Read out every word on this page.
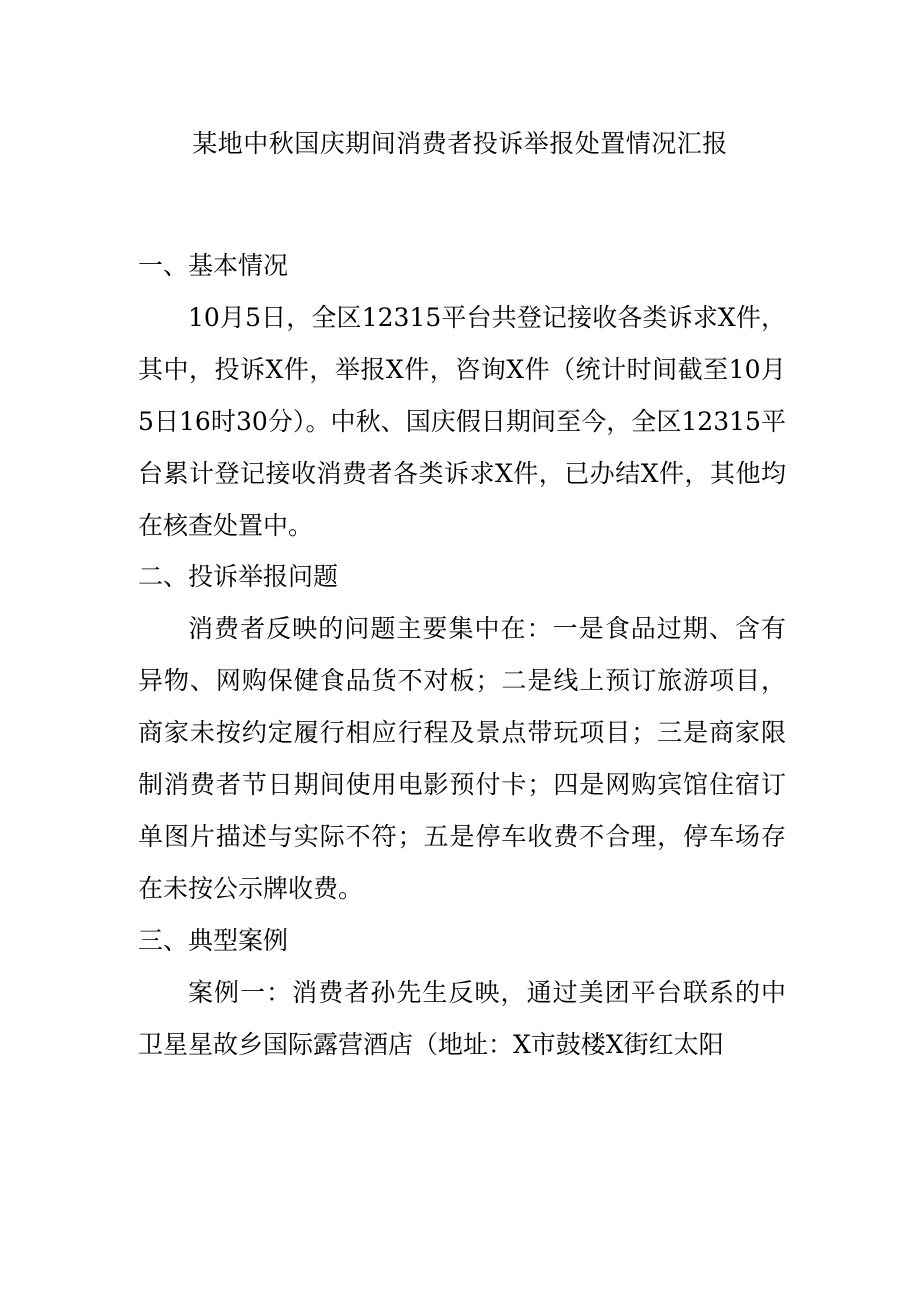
某地中秋国庆期间消费者投诉举报处置情况汇报

一、基本情况

10月5日，全区12315平台共登记接收各类诉求X件，其中，投诉X件，举报X件，咨询X件（统计时间截至10月5日16时30分）。中秋、国庆假日期间至今，全区12315平台累计登记接收消费者各类诉求X件，已办结X件，其他均在核查处置中。

二、投诉举报问题

消费者反映的问题主要集中在：一是食品过期、含有异物、网购保健食品货不对板；二是线上预订旅游项目，商家未按约定履行相应行程及景点带玩项目；三是商家限制消费者节日期间使用电影预付卡；四是网购宾馆住宿订单图片描述与实际不符；五是停车收费不合理，停车场存在未按公示牌收费。

三、典型案例

案例一：消费者孙先生反映，通过美团平台联系的中卫星星故乡国际露营酒店（地址：X市鼓楼X街红太阳
